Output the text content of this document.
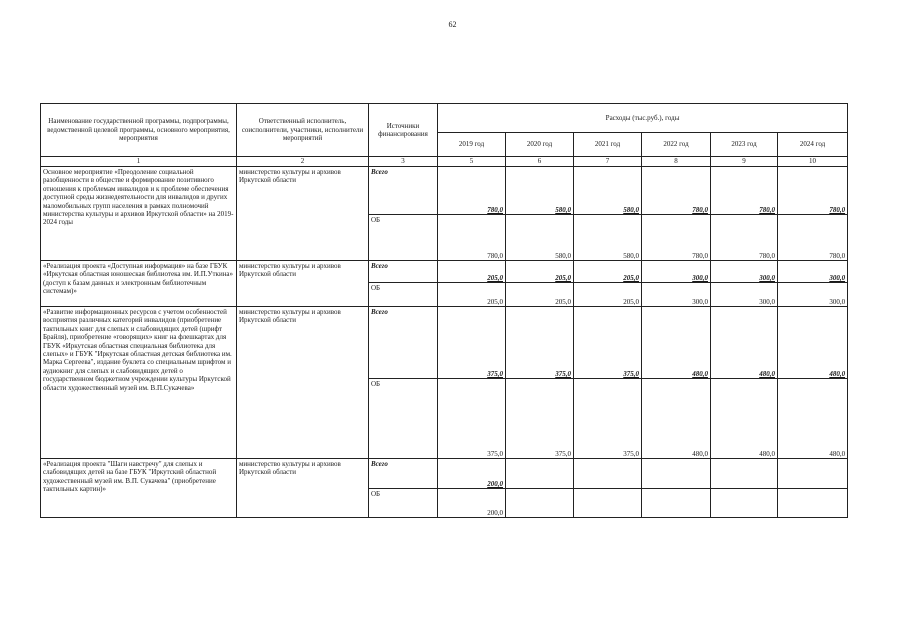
62
Наименование государственной программы, подпрограммы, ведомственной целевой программы, основного мероприятия, мероприятия	Ответственный исполнитель, соисполнители, участники, исполнители мероприятий	Источники финансирования	Расходы (тыс.руб.), годы					
			2019 год	2020 год	2021 год	2022 год	2023 год	2024 год
1	2	3	5	6	7	8	9	10
Основное мероприятие «Преодоление социальной разобщенности в обществе и формирование позитивного отношения к проблемам инвалидов и к проблеме обеспечения доступной среды жизнедеятельности для инвалидов и других маломобильных групп населения в рамках полномочий министерства культуры и архивов Иркутской области» на 2019-2024 годы	министерство культуры и архивов Иркутской области	Всего	780,0	580,0	580,0	780,0	780,0	780,0
		ОБ	780,0	580,0	580,0	780,0	780,0	780,0
«Реализация проекта «Доступная информация» на базе ГБУК «Иркутская областная юношеская библиотека им. И.П.Уткина» (доступ к базам данных и электронным библиотечным системам)»	министерство культуры и архивов Иркутской области	Всего	205,0	205,0	205,0	300,0	300,0	300,0
		ОБ	205,0	205,0	205,0	300,0	300,0	300,0
«Развитие информационных ресурсов с учетом особенностей восприятия различных категорий инвалидов (приобретение тактильных книг для слепых и слабовидящих детей (шрифт Брайля), приобретение «говорящих» книг на флешкартах для ГБУК «Иркутская областная специальная библиотека для слепых» и ГБУК "Иркутская областная детская библиотека им. Марка Сергеева", издание буклета со специальным шрифтом и аудиокниг для слепых и слабовидящих детей о государственном бюджетном учреждении культуры Иркутской области художественный музей им. В.П.Сукачева»	министерство культуры и архивов Иркутской области	Всего	375,0	375,0	375,0	480,0	480,0	480,0
		ОБ	375,0	375,0	375,0	480,0	480,0	480,0
«Реализация проекта "Шаги навстречу" для слепых и слабовидящих детей на базе ГБУК "Иркутский областной художественный музей им. В.П. Сукачева" (приобретение тактильных картин)»	министерство культуры и архивов Иркутской области	Всего	200,0					
		ОБ	200,0					
